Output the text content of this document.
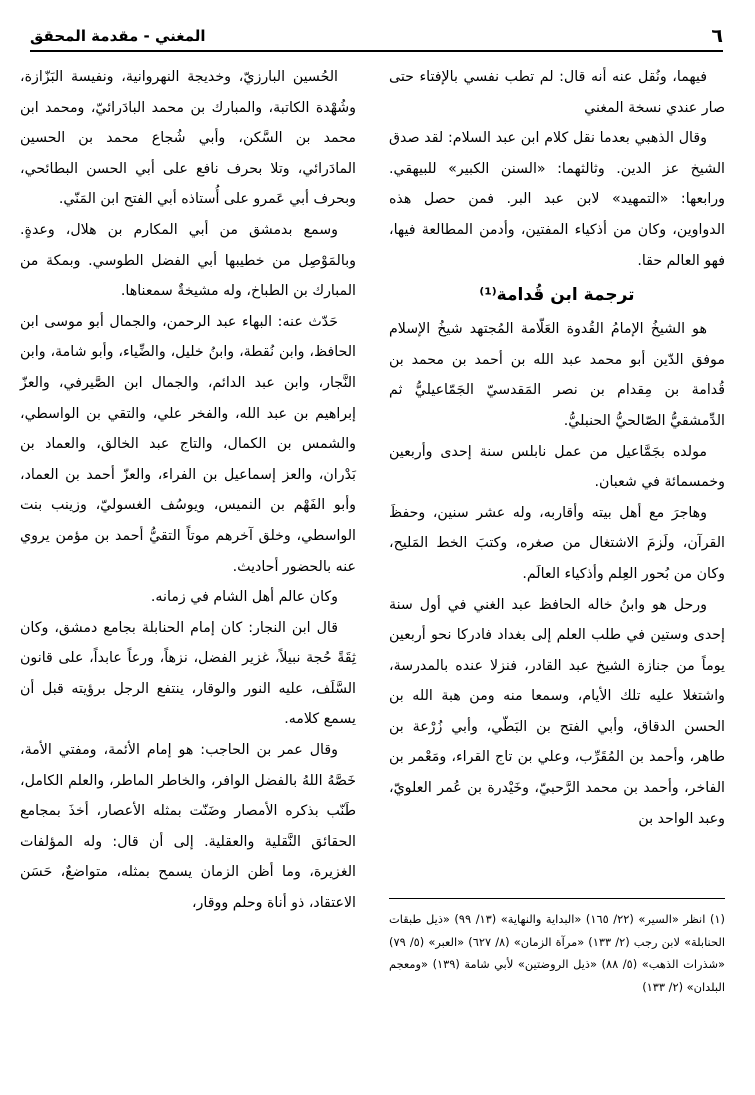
٦
المغني - مقدمة المحقق

فيهما، ونُقل عنه أنه قال: لم تطب نفسي بالإفتاء حتى صار عندي نسخة المغني

وقال الذهبي بعدما نقل كلام ابن عبد السلام: لقد صدق الشيخ عز الدين. وثالثهما: «السنن الكبير» للبيهقي. ورابعها: «التمهيد» لابن عبد البر. فمن حصل هذه الدواوين، وكان من أذكياء المفتين، وأدمن المطالعة فيها، فهو العالم حقا.

ترجمة ابن قُدامة⁽¹⁾

هو الشيخُ الإمامُ القُدوة العَلّامة المُجتهد شيخُ الإسلام موفق الدّين أبو محمد عبد الله بن أحمد بن محمد بن قُدامة بن مِقدام بن نصر المَقدسيّ الجَمّاعيليُّ ثم الدِّمشقيُّ الصّالحيُّ الحنبليُّ.

مولده بجَمَّاعيل من عمل نابلس سنة إحدى وأربعين وخمسمائة في شعبان.

وهاجرَ مع أهل بيته وأقاربه، وله عشر سنين، وحفظَ القرآن، ولَزمَ الاشتغال من صغره، وكتبَ الخط المَليح، وكان من بُحور العِلم وأذكياء العالَم.

ورحل هو وابنُ خاله الحافظ عبد الغني في أول سنة إحدى وستين في طلب العلم إلى بغداد فادركا نحو أربعين يوماً من جنازة الشيخ عبد القادر، فنزلا عنده بالمدرسة، واشتغلا عليه تلك الأيام، وسمعا منه ومن هبة الله بن الحسن الدقاق، وأبي الفتح بن البَطّي، وأبي زُرْعة بن طاهر، وأحمد بن المُقَرِّب، وعلي بن تاج القراء، ومَعْمر بن الفاخر، وأحمد بن محمد الرَّحبيّ، وخَيْدرة بن عُمر العلويّ، وعبد الواحد بن

الحُسين البارزيّ، وخديجة النهروانية، ونفيسة البَزّازة، وشُهْدة الكاتبة، والمبارك بن محمد البادَرائيّ، ومحمد ابن محمد بن السَّكن، وأبي شُجاع محمد بن الحسين المادَرائي، وتلا بحرف نافع على أبي الحسن البطائحي، وبحرف أبي عَمرو على أُستاذه أبي الفتح ابن المَنّي.

وسمع بدمشق من أبي المكارم بن هلال، وعدةٍ. وبالمَوْصِل من خطيبها أبي الفضل الطوسي. وبمكة من المبارك بن الطباخ، وله مشيخةٌ سمعناها.

حَدّث عنه: البهاء عبد الرحمن، والجمال أبو موسى ابن الحافظ، وابن نُقطة، وابنُ خليل، والضِّياء، وأبو شامة، وابن النَّجار، وابن عبد الدائم، والجمال ابن الصَّيرفي، والعزّ إبراهيم بن عبد الله، والفخر علي، والتقي بن الواسطي، والشمس بن الكمال، والتاج عبد الخالق، والعماد بن بَدْران، والعز إسماعيل بن الفراء، والعزّ أحمد بن العماد، وأبو الفَهْم بن النميس، ويوسُف الغسوليّ، وزينب بنت الواسطي، وخلق آخرهم موتاً التقيُّ أحمد بن مؤمن يروي عنه بالحضور أحاديث.

وكان عالم أهل الشام في زمانه.

قال ابن النجار: كان إمام الحنابلة بجامع دمشق، وكان ثِقَةً حُجة نبيلاً، غزير الفضل، نزهاً، ورعاً عابداً، على قانون السَّلَف، عليه النور والوقار، ينتفع الرجل برؤيته قبل أن يسمع كلامه.

وقال عمر بن الحاجب: هو إمام الأئمة، ومفتي الأمة، خَصَّهُ اللهُ بالفضل الوافر، والخاطر الماطر، والعلم الكامل، طَنّب بذكره الأمصار وضَنّت بمثله الأعصار، أخذَ بمجامع الحقائق النَّقلية والعقلية. إلى أن قال: وله المؤلفات الغزيرة، وما أظن الزمان يسمح بمثله، متواضعٌ، حَسَن الاعتقاد، ذو أناة وحلم ووقار،

(١) انظر «السير» (٢٢/ ١٦٥) «البداية والنهاية» (١٣/ ٩٩) «ذيل طبقات الحنابلة» لابن رجب (٢/ ١٣٣) «مرآة الزمان» (٨/ ٦٢٧) «العبر» (٥/ ٧٩) «شذرات الذهب» (٥/ ٨٨) «ذيل الروضتين» لأبي شامة (١٣٩) «ومعجم البلدان» (٢/ ١٣٣)
